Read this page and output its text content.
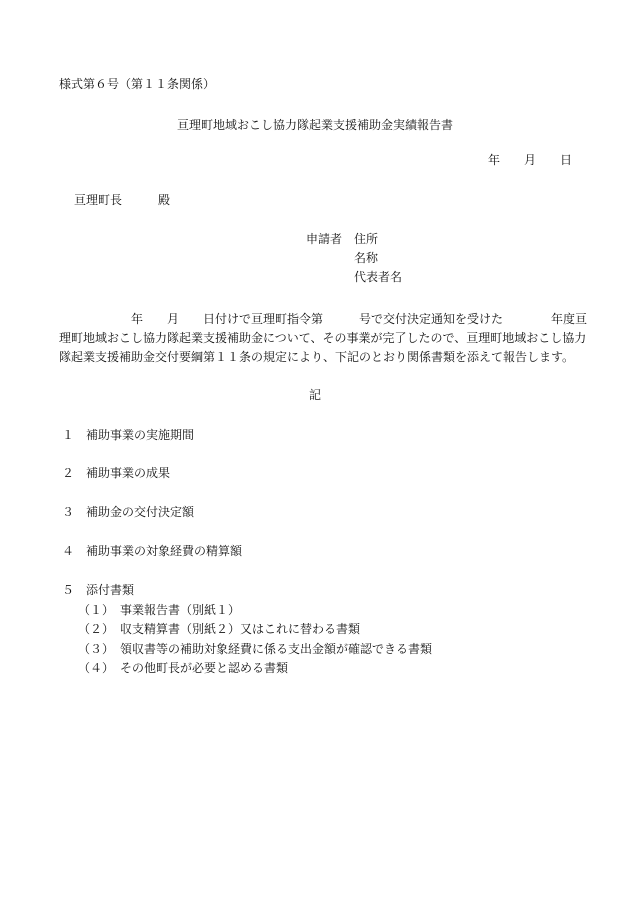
様式第６号（第１１条関係）
亘理町地域おこし協力隊起業支援補助金実績報告書
年　　月　　日
亘理町長　　　殿
申請者 住所
名称
代表者名
　　　　　　年　　月　　日付けで亘理町指令第　　　号で交付決定通知を受けた　　　　年度亘
理町地域おこし協力隊起業支援補助金について、その事業が完了したので、亘理町地域おこし協力
隊起業支援補助金交付要綱第１１条の規定により、下記のとおり関係書類を添えて報告します。
記
１　補助事業の実施期間
２　補助事業の成果
３　補助金の交付決定額
４　補助事業の対象経費の精算額
５　添付書類
（１）　事業報告書（別紙１）
（２）　収支精算書（別紙２）又はこれに替わる書類
（３）　領収書等の補助対象経費に係る支出金額が確認できる書類
（４）　その他町長が必要と認める書類
